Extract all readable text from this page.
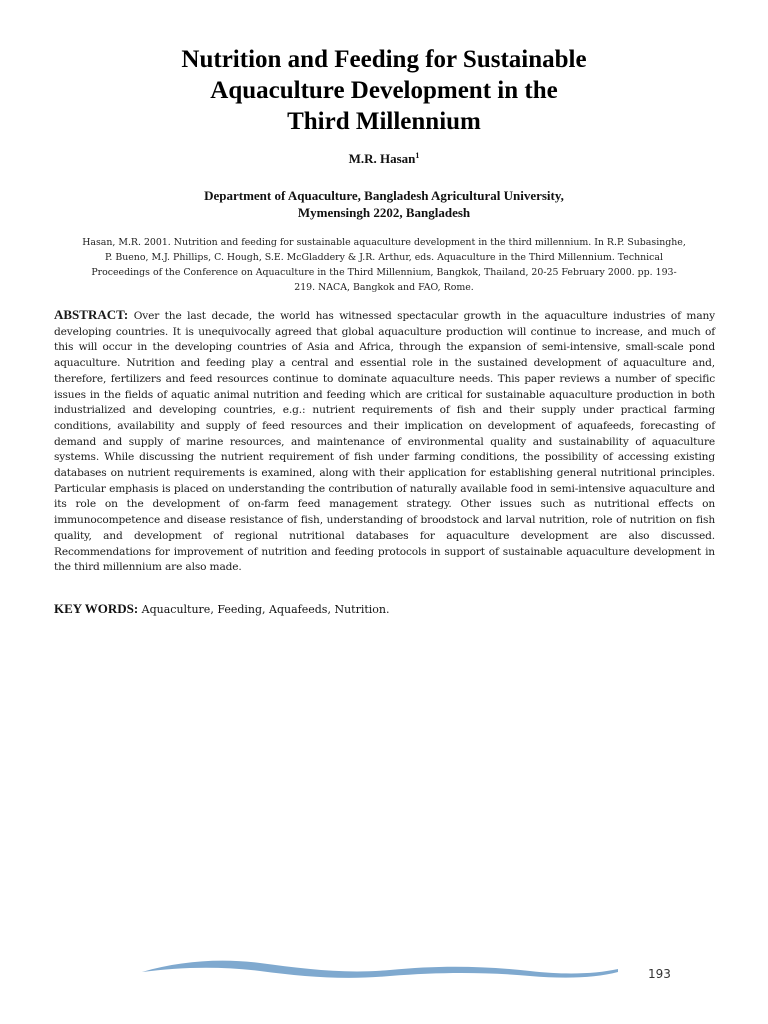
Nutrition and Feeding for Sustainable
Aquaculture Development in the
Third Millennium
M.R. Hasan$^1$
Department of Aquaculture, Bangladesh Agricultural University,
Mymensingh 2202, Bangladesh
Hasan, M.R. 2001. Nutrition and feeding for sustainable aquaculture development in the third millennium. In R.P. Subasinghe,
P. Bueno, M.J. Phillips, C. Hough, S.E. McGladdery & J.R. Arthur, eds. Aquaculture in the Third Millennium. Technical
Proceedings of the Conference on Aquaculture in the Third Millennium, Bangkok, Thailand, 20-25 February 2000. pp. 193-
219. NACA, Bangkok and FAO, Rome.
ABSTRACT: Over the last decade, the world has witnessed spectacular growth in the aquaculture industries of many developing countries. It is unequivocally agreed that global aquaculture production will continue to increase, and much of this will occur in the developing countries of Asia and Africa, through the expansion of semi-intensive, small-scale pond aquaculture. Nutrition and feeding play a central and essential role in the sustained development of aquaculture and, therefore, fertilizers and feed resources continue to dominate aquaculture needs. This paper reviews a number of specific issues in the fields of aquatic animal nutrition and feeding which are critical for sustainable aquaculture production in both industrialized and developing countries, e.g.: nutrient requirements of fish and their supply under practical farming conditions, availability and supply of feed resources and their implication on development of aquafeeds, forecasting of demand and supply of marine resources, and maintenance of environmental quality and sustainability of aquaculture systems. While discussing the nutrient requirement of fish under farming conditions, the possibility of accessing existing databases on nutrient requirements is examined, along with their application for establishing general nutritional principles. Particular emphasis is placed on understanding the contribution of naturally available food in semi-intensive aquaculture and its role on the development of on-farm feed management strategy. Other issues such as nutritional effects on immunocompetence and disease resistance of fish, understanding of broodstock and larval nutrition, role of nutrition on fish quality, and development of regional nutritional databases for aquaculture development are also discussed. Recommendations for improvement of nutrition and feeding protocols in support of sustainable aquaculture development in the third millennium are also made.
KEY WORDS: Aquaculture, Feeding, Aquafeeds, Nutrition.
193
